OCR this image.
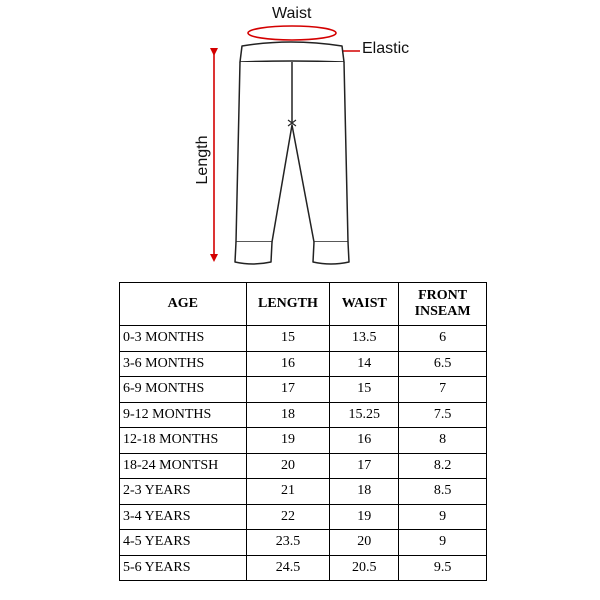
Waist
Elastic
Length
AGE	LENGTH	WAIST	FRONT INSEAM
0-3 MONTHS	15	13.5	6
3-6 MONTHS	16	14	6.5
6-9 MONTHS	17	15	7
9-12 MONTHS	18	15.25	7.5
12-18 MONTHS	19	16	8
18-24 MONTSH	20	17	8.2
2-3 YEARS	21	18	8.5
3-4 YEARS	22	19	9
4-5 YEARS	23.5	20	9
5-6 YEARS	24.5	20.5	9.5
